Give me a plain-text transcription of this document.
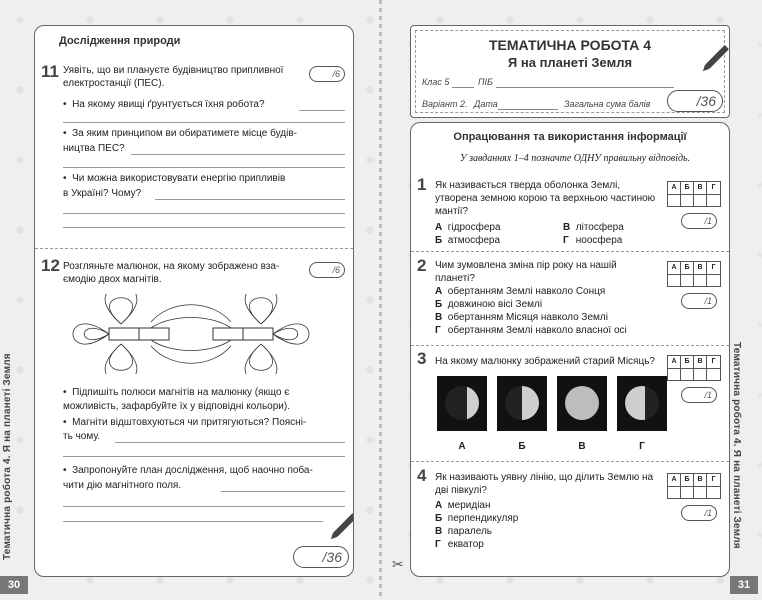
Тематична робота 4. Я на планеті Земля
30
Дослідження природи
11 Уявіть, що ви плануєте будівництво припливної електростанції (ПЕС).
/6
•  На якому явищі ґрунтується їхня робота?
•  За яким принципом ви обиратимете місце будів-
ництва ПЕС?
•  Чи можна використовувати енергію припливів
в Україні? Чому?
12 Розгляньте малюнок, на якому зображено вза-ємодію двох магнітів.
/6
•  Підпишіть полюси магнітів на малюнку (якщо є
можливість, зафарбуйте їх у відповідні кольори).
•  Магніти відштовхуються чи притягуються? Поясні-
ть чому.
•  Запропонуйте план дослідження, щоб наочно поба-
чити дію магнітного поля.
/36
Тематична робота 4. Я на планеті Земля
31
ТЕМАТИЧНА РОБОТА 4
Я на планеті Земля
Клас 5	ПІБ
Варіант 2. Дата	Загальна сума балів	/36
Опрацювання та використання інформації
У завданнях 1–4 позначте ОДНУ правильну відповідь.
1 Як називається тверда оболонка Землі, утворена земною корою та верхньою частиною мантії?
А	Б	В	Г
/1
А гідросфера	В літосфера
Б атмосфера	Г ноосфера
2 Чим зумовлена зміна пір року на нашій планеті?
А	Б	В	Г
/1
А обертанням Землі навколо Сонця
Б довжиною вісі Землі
В обертанням Місяця навколо Землі
Г обертанням Землі навколо власної осі
3 На якому малюнку зображений старий Місяць?	А	Б	В	Г
/1
А	Б	В	Г
4 Як називають уявну лінію, що ділить Землю на дві півкулі?
А	Б	В	Г
/1
А меридіан
Б перпендикуляр
В паралель
Г екватор
✂
